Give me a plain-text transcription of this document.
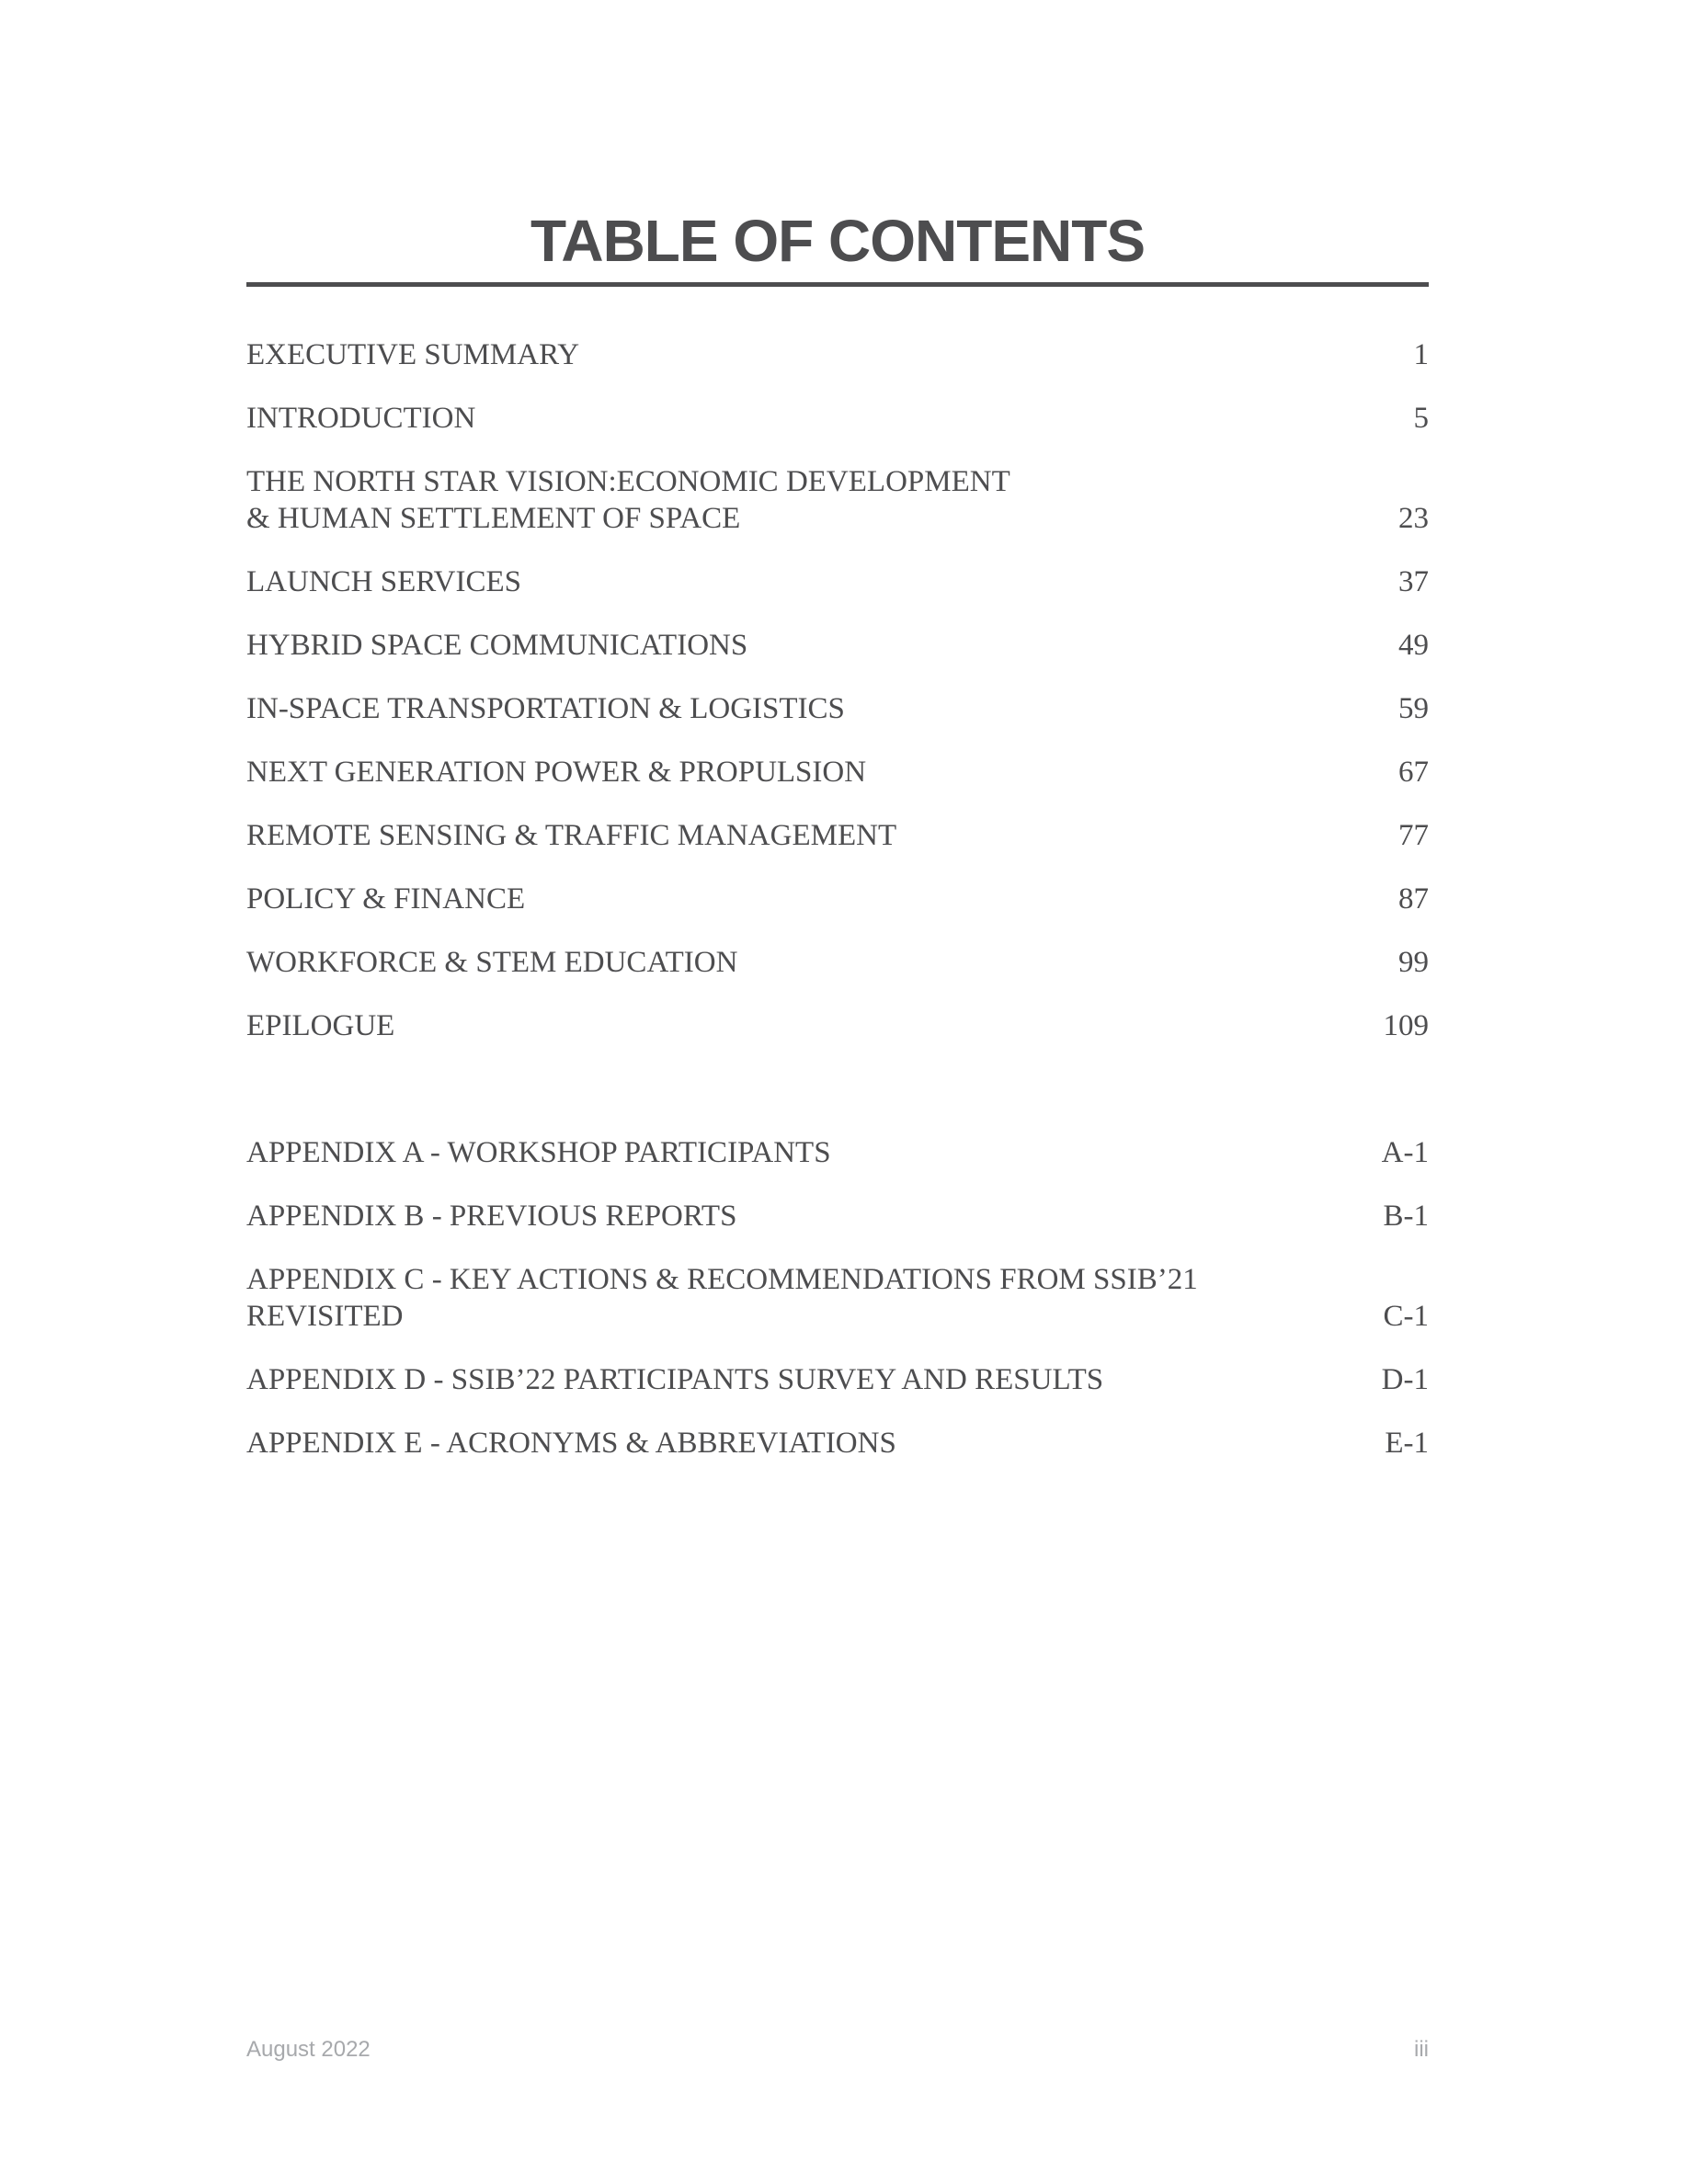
TABLE OF CONTENTS
EXECUTIVE SUMMARY	1
INTRODUCTION	5
THE NORTH STAR VISION:ECONOMIC DEVELOPMENT
& HUMAN SETTLEMENT OF SPACE	23
LAUNCH SERVICES	37
HYBRID SPACE COMMUNICATIONS	49
IN-SPACE TRANSPORTATION & LOGISTICS	59
NEXT GENERATION POWER & PROPULSION	67
REMOTE SENSING & TRAFFIC MANAGEMENT	77
POLICY & FINANCE	87
WORKFORCE & STEM EDUCATION	99
EPILOGUE	109
APPENDIX A - WORKSHOP PARTICIPANTS	A-1
APPENDIX B - PREVIOUS REPORTS	B-1
APPENDIX C - KEY ACTIONS & RECOMMENDATIONS FROM SSIB’21 REVISITED	C-1
APPENDIX D - SSIB’22 PARTICIPANTS SURVEY AND RESULTS	D-1
APPENDIX E - ACRONYMS & ABBREVIATIONS	E-1
August 2022	iii
